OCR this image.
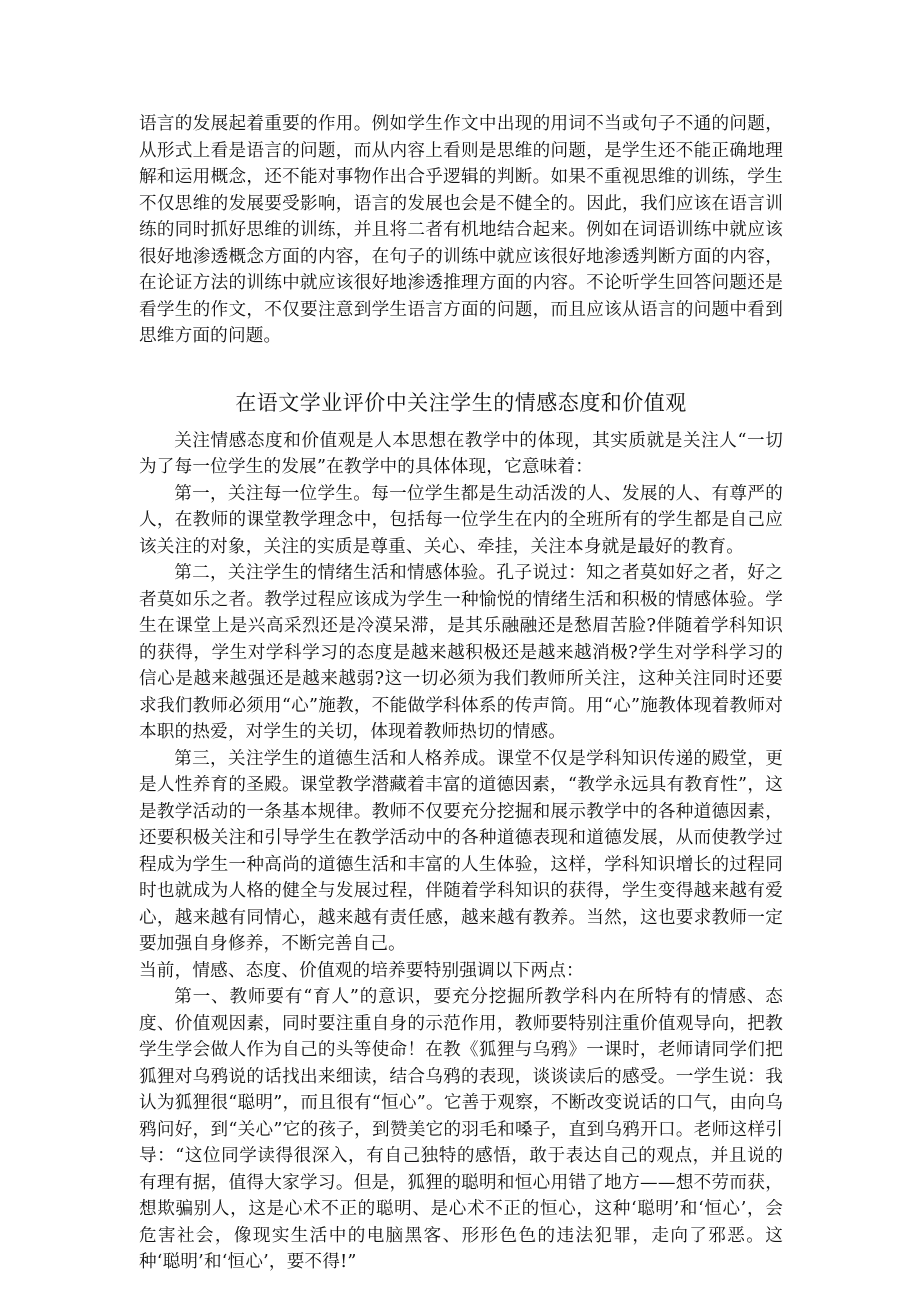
语言的发展起着重要的作用。例如学生作文中出现的用词不当或句子不通的问题，从形式上看是语言的问题，而从内容上看则是思维的问题，是学生还不能正确地理解和运用概念，还不能对事物作出合乎逻辑的判断。如果不重视思维的训练，学生不仅思维的发展要受影响，语言的发展也会是不健全的。因此，我们应该在语言训练的同时抓好思维的训练，并且将二者有机地结合起来。例如在词语训练中就应该很好地渗透概念方面的内容，在句子的训练中就应该很好地渗透判断方面的内容，在论证方法的训练中就应该很好地渗透推理方面的内容。不论听学生回答问题还是看学生的作文，不仅要注意到学生语言方面的问题，而且应该从语言的问题中看到思维方面的问题。

在语文学业评价中关注学生的情感态度和价值观

关注情感态度和价值观是人本思想在教学中的体现，其实质就是关注人“一切为了每一位学生的发展”在教学中的具体体现，它意味着：

第一，关注每一位学生。每一位学生都是生动活泼的人、发展的人、有尊严的人，在教师的课堂教学理念中，包括每一位学生在内的全班所有的学生都是自己应该关注的对象，关注的实质是尊重、关心、牵挂，关注本身就是最好的教育。

第二，关注学生的情绪生活和情感体验。孔子说过：知之者莫如好之者，好之者莫如乐之者。教学过程应该成为学生一种愉悦的情绪生活和积极的情感体验。学生在课堂上是兴高采烈还是冷漠呆滞，是其乐融融还是愁眉苦脸?伴随着学科知识的获得，学生对学科学习的态度是越来越积极还是越来越消极?学生对学科学习的信心是越来越强还是越来越弱?这一切必须为我们教师所关注，这种关注同时还要求我们教师必须用“心”施教，不能做学科体系的传声筒。用“心”施教体现着教师对本职的热爱，对学生的关切，体现着教师热切的情感。

第三，关注学生的道德生活和人格养成。课堂不仅是学科知识传递的殿堂，更是人性养育的圣殿。课堂教学潜藏着丰富的道德因素，“教学永远具有教育性”，这是教学活动的一条基本规律。教师不仅要充分挖掘和展示教学中的各种道德因素，还要积极关注和引导学生在教学活动中的各种道德表现和道德发展，从而使教学过程成为学生一种高尚的道德生活和丰富的人生体验，这样，学科知识增长的过程同时也就成为人格的健全与发展过程，伴随着学科知识的获得，学生变得越来越有爱心，越来越有同情心，越来越有责任感，越来越有教养。当然，这也要求教师一定要加强自身修养，不断完善自己。

当前，情感、态度、价值观的培养要特别强调以下两点：

第一、教师要有“育人”的意识，要充分挖掘所教学科内在所特有的情感、态度、价值观因素，同时要注重自身的示范作用，教师要特别注重价值观导向，把教学生学会做人作为自己的头等使命！在教《狐狸与乌鸦》一课时，老师请同学们把狐狸对乌鸦说的话找出来细读，结合乌鸦的表现，谈谈读后的感受。一学生说：我认为狐狸很“聪明”，而且很有“恒心”。它善于观察，不断改变说话的口气，由向乌鸦问好，到“关心”它的孩子，到赞美它的羽毛和嗓子，直到乌鸦开口。老师这样引导：“这位同学读得很深入，有自己独特的感悟，敢于表达自己的观点，并且说的有理有据，值得大家学习。但是，狐狸的聪明和恒心用错了地方——想不劳而获，想欺骗别人，这是心术不正的聪明、是心术不正的恒心，这种‘聪明’和‘恒心’，会危害社会，像现实生活中的电脑黑客、形形色色的违法犯罪，走向了邪恶。这种‘聪明’和‘恒心’，要不得!”
